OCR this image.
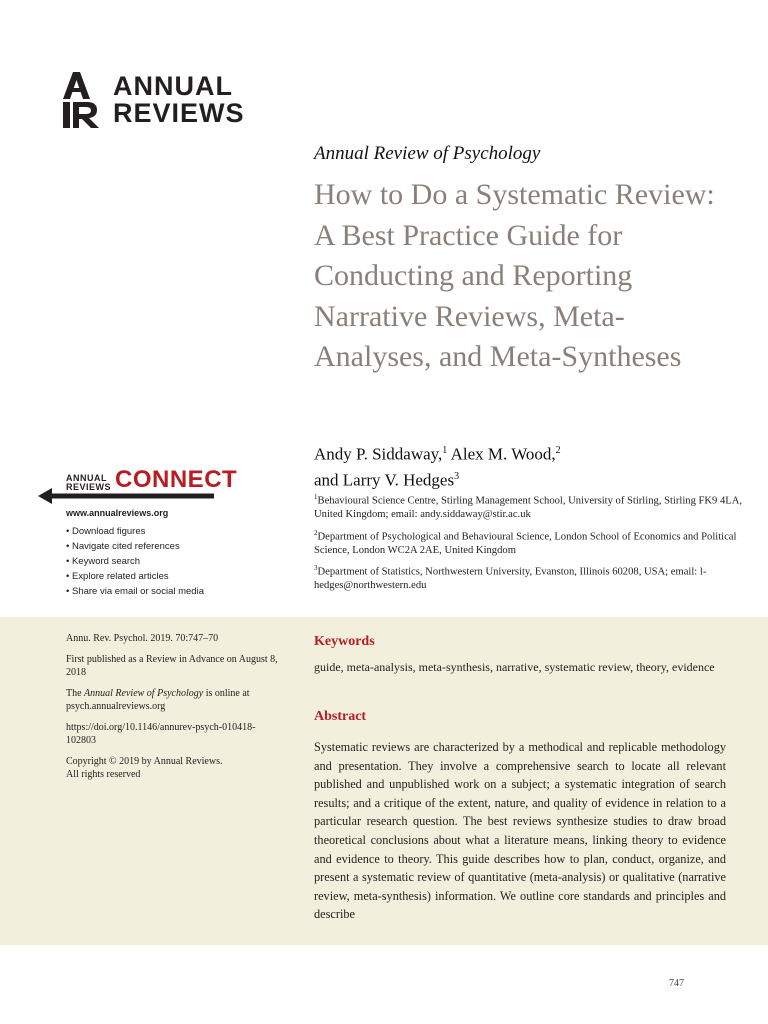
ANNUAL
REVIEWS
Annual Review of Psychology
How to Do a Systematic Review: A Best Practice Guide for Conducting and Reporting Narrative Reviews, Meta-Analyses, and Meta-Syntheses
Andy P. Siddaway,$^1$ Alex M. Wood,$^2$
and Larry V. Hedges$^3$
$^1$Behavioural Science Centre, Stirling Management School, University of Stirling, Stirling FK9 4LA, United Kingdom; email: andy.siddaway@stir.ac.uk
$^2$Department of Psychological and Behavioural Science, London School of Economics and Political Science, London WC2A 2AE, United Kingdom
$^3$Department of Statistics, Northwestern University, Evanston, Illinois 60208, USA; email: l-hedges@northwestern.edu
ANNUAL
REVIEWS CONNECT
www.annualreviews.org
• Download figures
• Navigate cited references
• Keyword search
• Explore related articles
• Share via email or social media

Annu. Rev. Psychol. 2019. 70:747–70

First published as a Review in Advance on August 8, 2018

The Annual Review of Psychology is online at psych.annualreviews.org

https://doi.org/10.1146/annurev-psych-010418-102803

Copyright © 2019 by Annual Reviews.
All rights reserved

Keywords
guide, meta-analysis, meta-synthesis, narrative, systematic review, theory, evidence
Abstract
Systematic reviews are characterized by a methodical and replicable methodology and presentation. They involve a comprehensive search to locate all relevant published and unpublished work on a subject; a systematic integration of search results; and a critique of the extent, nature, and quality of evidence in relation to a particular research question. The best reviews synthesize studies to draw broad theoretical conclusions about what a literature means, linking theory to evidence and evidence to theory. This guide describes how to plan, conduct, organize, and present a systematic review of quantitative (meta-analysis) or qualitative (narrative review, meta-synthesis) information. We outline core standards and principles and describe
747
